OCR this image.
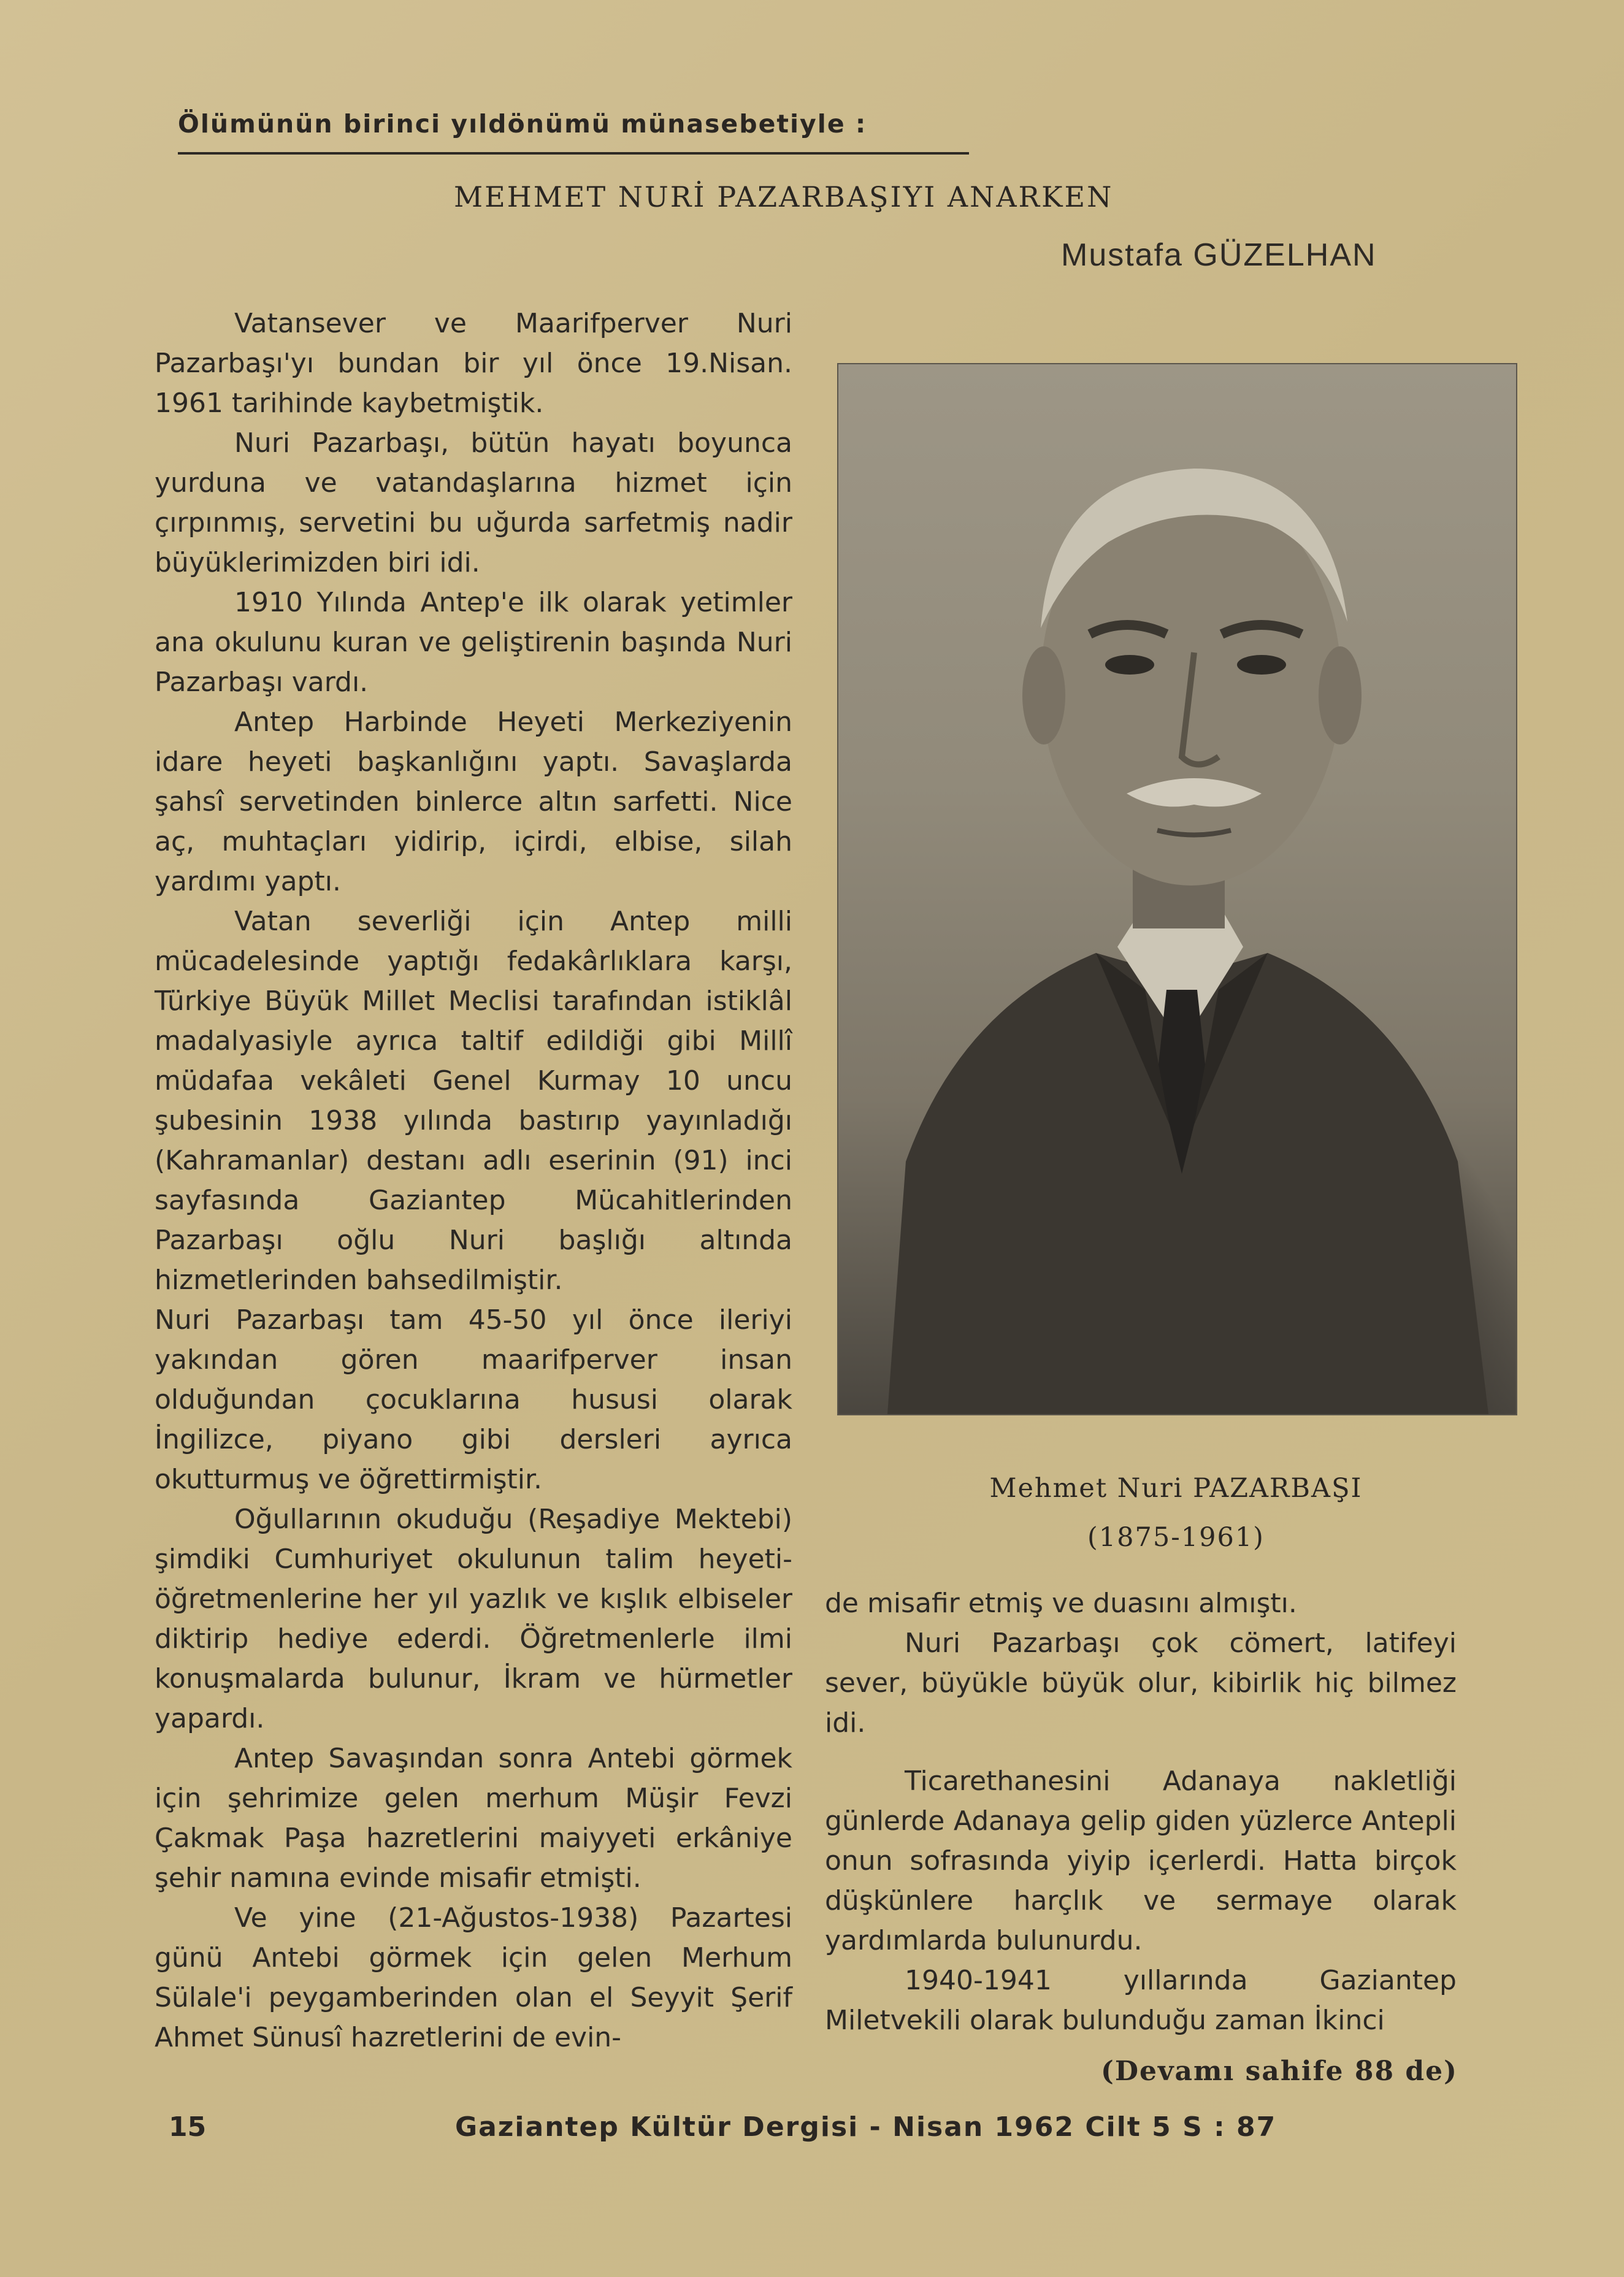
Ölümünün birinci yıldönümü münasebetiyle :
MEHMET NURİ PAZARBAŞIYI ANARKEN
Mustafa GÜZELHAN

Vatansever ve Maarifperver Nuri Pazarbaşı'yı bundan bir yıl önce 19.Nisan. 1961 tarihinde kaybetmiştik.

Nuri Pazarbaşı, bütün hayatı boyunca yurduna ve vatandaşlarına hizmet için çırpınmış, servetini bu uğurda sarfetmiş nadir büyüklerimizden biri idi.

1910 Yılında Antep'e ilk olarak yetimler ana okulunu kuran ve geliştirenin başında Nuri Pazarbaşı vardı.

Antep Harbinde Heyeti Merkeziyenin idare heyeti başkanlığını yaptı. Savaşlarda şahsî servetinden binlerce altın sarfetti. Nice aç, muhtaçları yidirip, içirdi, elbise, silah yardımı yaptı.

Vatan severliği için Antep milli mücadelesinde yaptığı fedakârlıklara karşı, Türkiye Büyük Millet Meclisi tarafından istiklâl madalyasiyle ayrıca taltif edildiği gibi Millî müdafaa vekâleti Genel Kurmay 10 uncu şubesinin 1938 yılında bastırıp yayınladığı (Kahramanlar) destanı adlı eserinin (91) inci sayfasında Gaziantep Mücahitlerinden Pazarbaşı oğlu Nuri başlığı altında hizmetlerinden bahsedilmiştir.

Nuri Pazarbaşı tam 45-50 yıl önce ileriyi yakından gören maarifperver insan olduğundan çocuklarına hususi olarak İngilizce, piyano gibi dersleri ayrıca okutturmuş ve öğrettirmiştir.

Oğullarının okuduğu (Reşadiye Mektebi) şimdiki Cumhuriyet okulunun talim heyeti-öğretmenlerine her yıl yazlık ve kışlık elbiseler diktirip hediye ederdi. Öğretmenlerle ilmi konuşmalarda bulunur, İkram ve hürmetler yapardı.

Antep Savaşından sonra Antebi görmek için şehrimize gelen merhum Müşir Fevzi Çakmak Paşa hazretlerini maiyyeti erkâniye şehir namına evinde misafir etmişti.

Ve yine (21-Ağustos-1938) Pazartesi günü Antebi görmek için gelen Merhum Sülale'i peygamberinden olan el Seyyit Şerif Ahmet Sünusî hazretlerini de evin-

Mehmet Nuri PAZARBAŞI
(1875-1961)

de misafir etmiş ve duasını almıştı.

Nuri Pazarbaşı çok cömert, latifeyi sever, büyükle büyük olur, kibirlik hiç bilmez idi.

Ticarethanesini Adanaya nakletliği günlerde Adanaya gelip giden yüzlerce Antepli onun sofrasında yiyip içerlerdi. Hatta birçok düşkünlere harçlık ve sermaye olarak yardımlarda bulunurdu.

1940-1941 yıllarında Gaziantep Miletvekili olarak bulunduğu zaman İkinci

(Devamı sahife 88 de)
15	Gaziantep Kültür Dergisi - Nisan 1962 Cilt 5 S : 87
